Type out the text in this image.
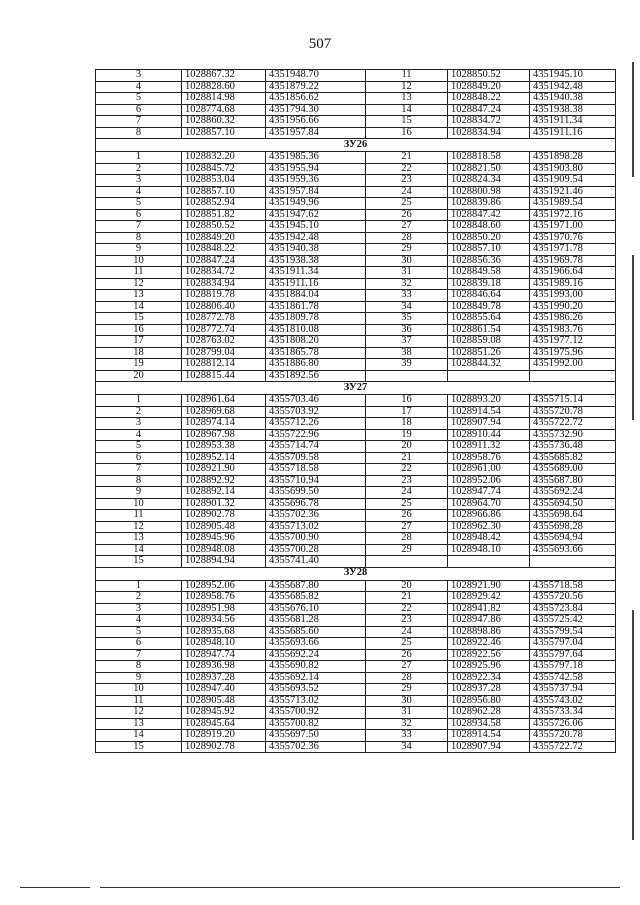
507
3	1028867.32	4351948.70	11	1028850.52	4351945.10
4	1028828.60	4351879.22	12	1028849.20	4351942.48
5	1028814.98	4351856.62	13	1028848.22	4351940.38
6	1028774.68	4351794.30	14	1028847.24	4351938.38
7	1028860.32	4351956.66	15	1028834.72	4351911.34
8	1028857.10	4351957.84	16	1028834.94	4351911.16
ЗУ26					
1	1028832.20	4351985.36	21	1028818.58	4351898.28
2	1028845.72	4351955.94	22	1028821.50	4351903.80
3	1028853.04	4351959.36	23	1028824.34	4351909.54
4	1028857.10	4351957.84	24	1028800.98	4351921.46
5	1028852.94	4351949.96	25	1028839.86	4351989.54
6	1028851.82	4351947.62	26	1028847.42	4351972.16
7	1028850.52	4351945.10	27	1028848.60	4351971.00
8	1028849.20	4351942.48	28	1028850.20	4351970.76
9	1028848.22	4351940.38	29	1028857.10	4351971.78
10	1028847.24	4351938.38	30	1028856.36	4351969.78
11	1028834.72	4351911.34	31	1028849.58	4351966.64
12	1028834.94	4351911.16	32	1028839.18	4351989.16
13	1028819.78	4351884.04	33	1028846.64	4351993.00
14	1028806.40	4351861.78	34	1028849.78	4351990.20
15	1028772.78	4351809.78	35	1028855.64	4351986.26
16	1028772.74	4351810.08	36	1028861.54	4351983.76
17	1028763.02	4351808.20	37	1028859.08	4351977.12
18	1028799.04	4351865.78	38	1028851.26	4351975.96
19	1028812.14	4351886.80	39	1028844.32	4351992.00
20	1028815.44	4351892.56			
ЗУ27					
1	1028961.64	4355703.46	16	1028893.20	4355715.14
2	1028969.68	4355703.92	17	1028914.54	4355720.78
3	1028974.14	4355712.26	18	1028907.94	4355722.72
4	1028967.98	4355722.96	19	1028910.44	4355732.90
5	1028953.38	4355714.74	20	1028911.32	4355736.48
6	1028952.14	4355709.58	21	1028958.76	4355685.82
7	1028921.90	4355718.58	22	1028961.00	4355689.00
8	1028892.92	4355710.94	23	1028952.06	4355687.80
9	1028892.14	4355699.50	24	1028947.74	4355692.24
10	1028901.32	4355696.78	25	1028964.70	4355694.50
11	1028902.78	4355702.36	26	1028966.86	4355698.64
12	1028905.48	4355713.02	27	1028962.30	4355698.28
13	1028945.96	4355700.90	28	1028948.42	4355694.94
14	1028948.08	4355700.28	29	1028948.10	4355693.66
15	1028894.94	4355741.40			
ЗУ28					
1	1028952.06	4355687.80	20	1028921.90	4355718.58
2	1028958.76	4355685.82	21	1028929.42	4355720.56
3	1028951.98	4355676.10	22	1028941.82	4355723.84
4	1028934.56	4355681.28	23	1028947.86	4355725.42
5	1028935.68	4355685.60	24	1028898.86	4355799.54
6	1028948.10	4355693.66	25	1028922.46	4355797.04
7	1028947.74	4355692.24	26	1028922.56	4355797.64
8	1028936.98	4355690.82	27	1028925.96	4355797.18
9	1028937.28	4355692.14	28	1028922.34	4355742.58
10	1028947.40	4355693.52	29	1028937.28	4355737.94
11	1028905.48	4355713.02	30	1028956.80	4355743.02
12	1028945.92	4355700.92	31	1028962.28	4355733.34
13	1028945.64	4355700.82	32	1028934.58	4355726.06
14	1028919.20	4355697.50	33	1028914.54	4355720.78
15	1028902.78	4355702.36	34	1028907.94	4355722.72
